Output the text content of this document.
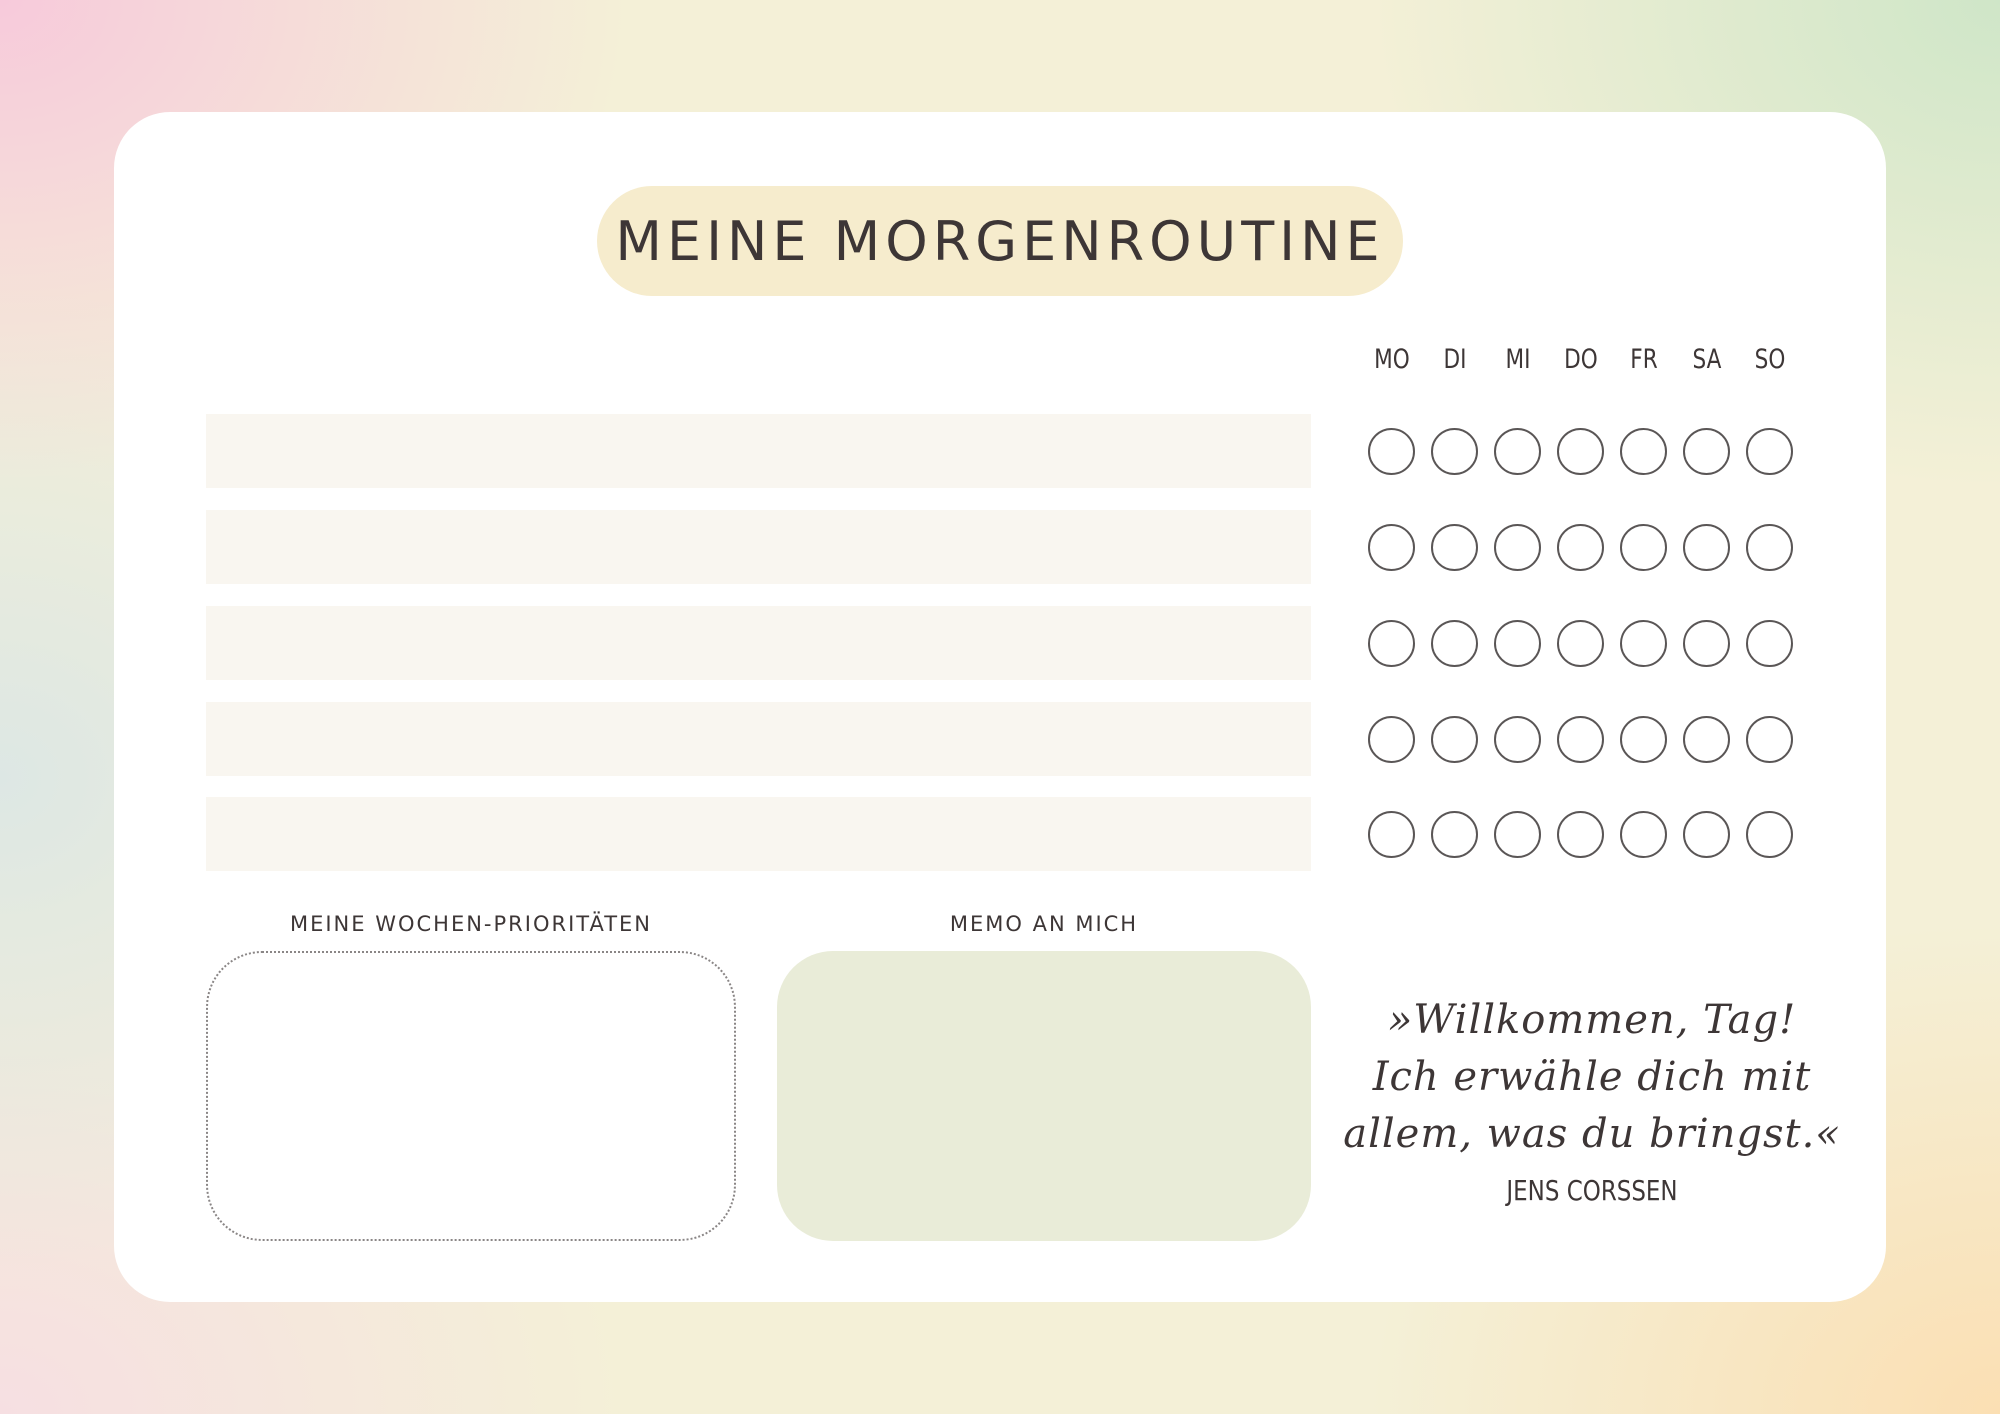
MEINE MORGENROUTINE
MO	DI	MI DO FR SA SO
MEINE WOCHEN-PRIORITÄTEN	MEMO AN MICH
»Willkommen, Tag!
Ich erwähle dich mit
allem, was du bringst.«
JENS CORSSEN
